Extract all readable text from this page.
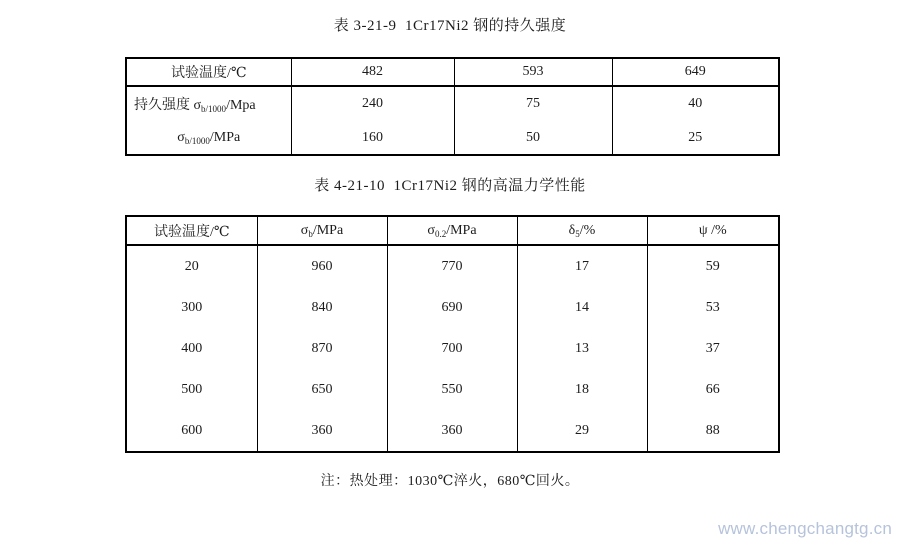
表 3-21-9  1Cr17Ni2 钢的持久强度
试验温度/℃	482	593	649
持久强度 $\sigma_{b/1000}$/Mpa	240	75	40
$\sigma_{b/1000}$/MPa	160	50	25
表 4-21-10  1Cr17Ni2 钢的高温力学性能
试验温度/℃	$\sigma_b$/MPa	$\sigma_{0.2}$/MPa	$\delta_5/\%$	ψ /%
20	960	770	17	59
300	840	690	14	53
400	870	700	13	37
500	650	550	18	66
600	360	360	29	88
注：热处理：1030℃淬火，680℃回火。
www.chengchangtg.cn
